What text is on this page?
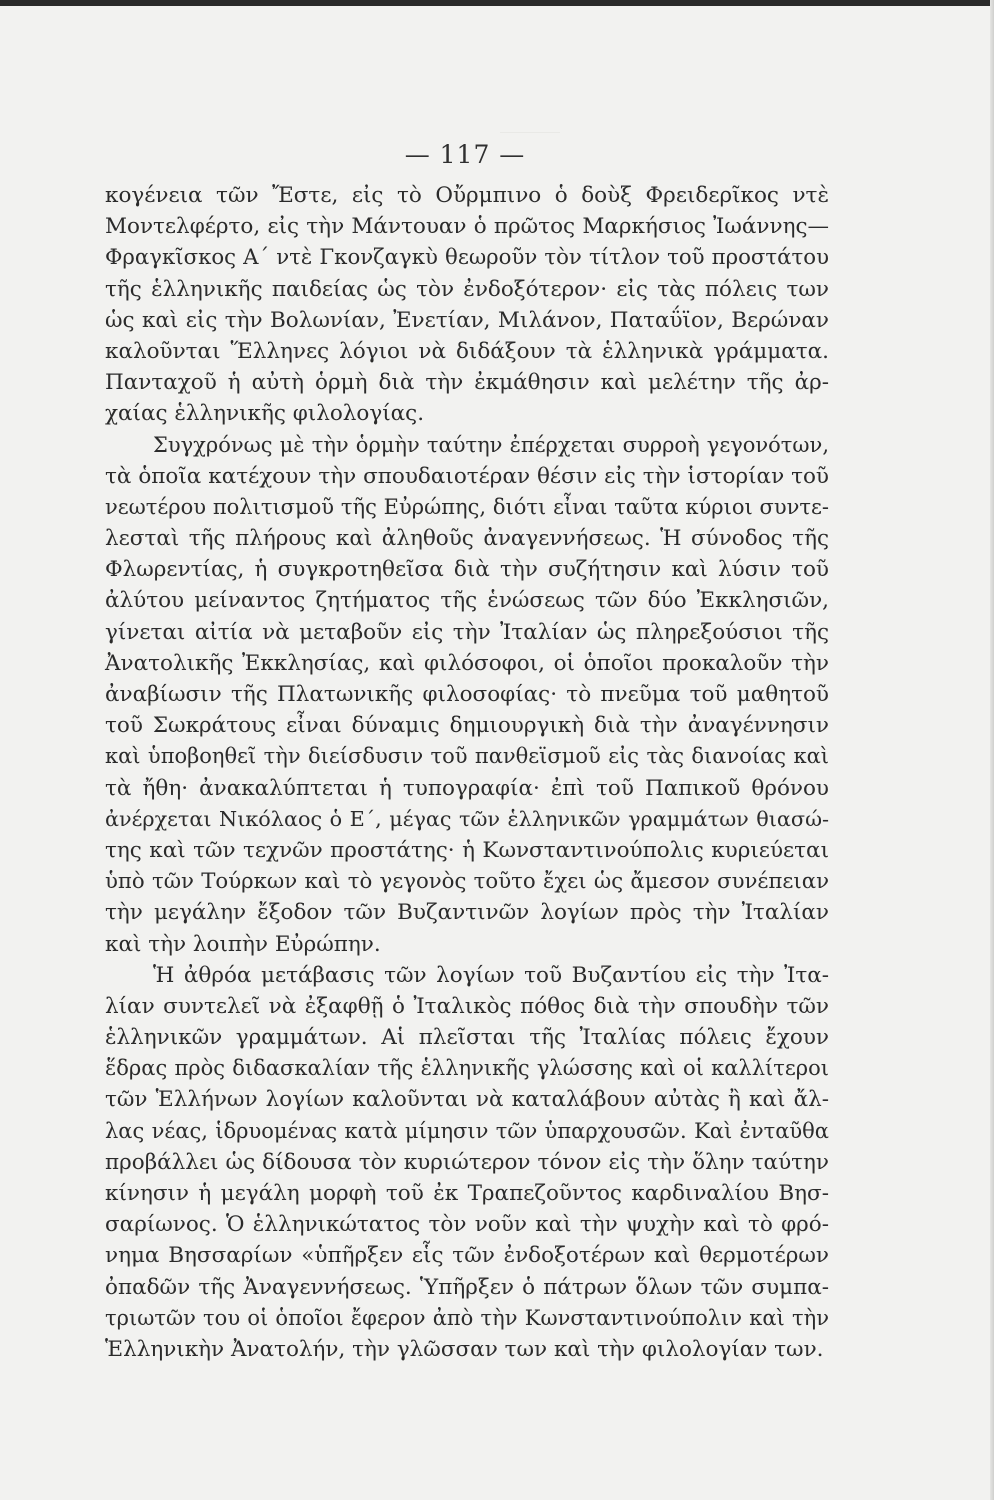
— 117 —
κογένεια τῶν Ἔστε, εἰς τὸ Οὔρμπινο ὁ δοὺξ Φρειδερῖκος ντὲ
Μοντελφέρτο, εἰς τὴν Μάντουαν ὁ πρῶτος Μαρκήσιος Ἰωάννης—
Φραγκῖσκος Α΄ ντὲ Γκονζαγκὺ θεωροῦν τὸν τίτλον τοῦ προστάτου
τῆς ἑλληνικῆς παιδείας ὡς τὸν ἐνδοξότερον· εἰς τὰς πόλεις των
ὡς καὶ εἰς τὴν Βολωνίαν, Ἐνετίαν, Μιλάνον, Παταΰϊον, Βερώναν
καλοῦνται Ἕλληνες λόγιοι νὰ διδάξουν τὰ ἑλληνικὰ γράμματα.
Πανταχοῦ ἡ αὐτὴ ὁρμὴ διὰ τὴν ἐκμάθησιν καὶ μελέτην τῆς ἀρ-
χαίας ἑλληνικῆς φιλολογίας.
Συγχρόνως μὲ τὴν ὁρμὴν ταύτην ἐπέρχεται συρροὴ γεγονότων,
τὰ ὁποῖα κατέχουν τὴν σπουδαιοτέραν θέσιν εἰς τὴν ἱστορίαν τοῦ
νεωτέρου πολιτισμοῦ τῆς Εὐρώπης, διότι εἶναι ταῦτα κύριοι συντε-
λεσταὶ τῆς πλήρους καὶ ἀληθοῦς ἀναγεννήσεως. Ἡ σύνοδος τῆς
Φλωρεντίας, ἡ συγκροτηθεῖσα διὰ τὴν συζήτησιν καὶ λύσιν τοῦ
ἀλύτου μείναντος ζητήματος τῆς ἑνώσεως τῶν δύο Ἐκκλησιῶν,
γίνεται αἰτία νὰ μεταβοῦν εἰς τὴν Ἰταλίαν ὡς πληρεξούσιοι τῆς
Ἀνατολικῆς Ἐκκλησίας, καὶ φιλόσοφοι, οἱ ὁποῖοι προκαλοῦν τὴν
ἀναβίωσιν τῆς Πλατωνικῆς φιλοσοφίας· τὸ πνεῦμα τοῦ μαθητοῦ
τοῦ Σωκράτους εἶναι δύναμις δημιουργικὴ διὰ τὴν ἀναγέννησιν
καὶ ὑποβοηθεῖ τὴν διείσδυσιν τοῦ πανθεϊσμοῦ εἰς τὰς διανοίας καὶ
τὰ ἤθη· ἀνακαλύπτεται ἡ τυπογραφία· ἐπὶ τοῦ Παπικοῦ θρόνου
ἀνέρχεται Νικόλαος ὁ Ε΄, μέγας τῶν ἑλληνικῶν γραμμάτων θιασώ-
της καὶ τῶν τεχνῶν προστάτης· ἡ Κωνσταντινούπολις κυριεύεται
ὑπὸ τῶν Τούρκων καὶ τὸ γεγονὸς τοῦτο ἔχει ὡς ἄμεσον συνέπειαν
τὴν μεγάλην ἔξοδον τῶν Βυζαντινῶν λογίων πρὸς τὴν Ἰταλίαν
καὶ τὴν λοιπὴν Εὐρώπην.
Ἡ ἀθρόα μετάβασις τῶν λογίων τοῦ Βυζαντίου εἰς τὴν Ἰτα-
λίαν συντελεῖ νὰ ἐξαφθῇ ὁ Ἰταλικὸς πόθος διὰ τὴν σπουδὴν τῶν
ἑλληνικῶν γραμμάτων. Αἱ πλεῖσται τῆς Ἰταλίας πόλεις ἔχουν
ἕδρας πρὸς διδασκαλίαν τῆς ἑλληνικῆς γλώσσης καὶ οἱ καλλίτεροι
τῶν Ἑλλήνων λογίων καλοῦνται νὰ καταλάβουν αὐτὰς ἢ καὶ ἄλ-
λας νέας, ἱδρυομένας κατὰ μίμησιν τῶν ὑπαρχουσῶν. Καὶ ἐνταῦθα
προβάλλει ὡς δίδουσα τὸν κυριώτερον τόνον εἰς τὴν ὅλην ταύτην
κίνησιν ἡ μεγάλη μορφὴ τοῦ ἐκ Τραπεζοῦντος καρδιναλίου Βησ-
σαρίωνος. Ὁ ἑλληνικώτατος τὸν νοῦν καὶ τὴν ψυχὴν καὶ τὸ φρό-
νημα Βησσαρίων «ὑπῆρξεν εἷς τῶν ἐνδοξοτέρων καὶ θερμοτέρων
ὀπαδῶν τῆς Ἀναγεννήσεως. Ὑπῆρξεν ὁ πάτρων ὅλων τῶν συμπα-
τριωτῶν του οἱ ὁποῖοι ἔφερον ἀπὸ τὴν Κωνσταντινούπολιν καὶ τὴν
Ἑλληνικὴν Ἀνατολήν, τὴν γλῶσσαν των καὶ τὴν φιλολογίαν των.
